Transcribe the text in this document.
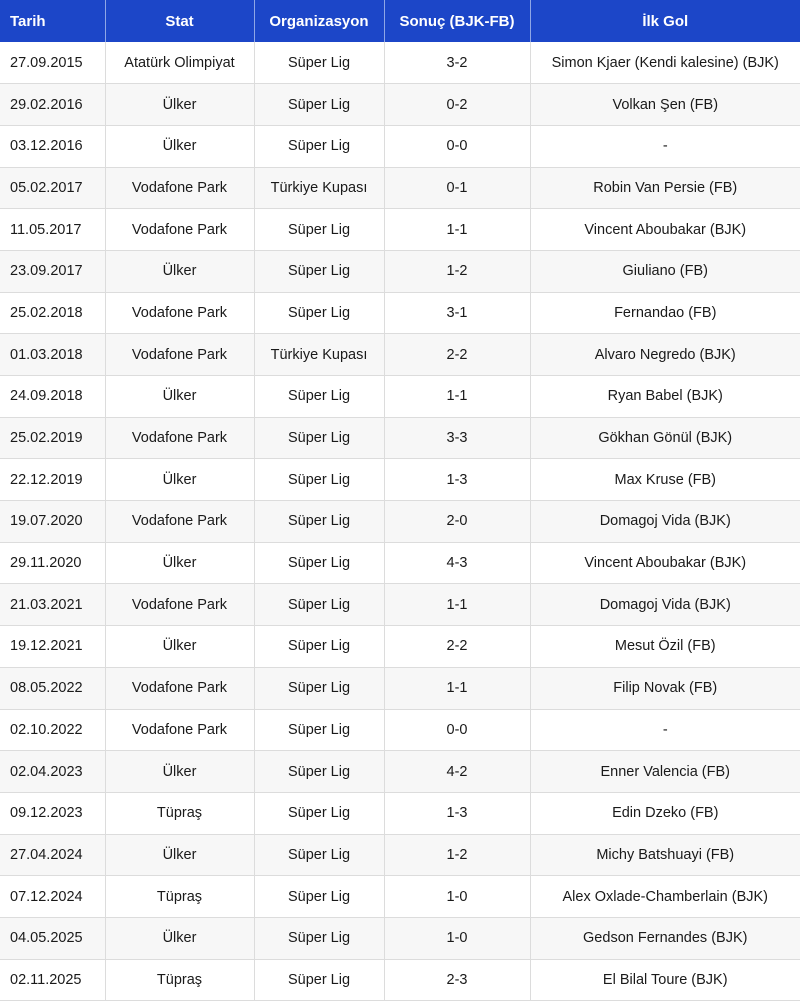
Tarih	Stat	Organizasyon	Sonuç (BJK-FB)	İlk Gol
27.09.2015	Atatürk Olimpiyat	Süper Lig	3-2	Simon Kjaer (Kendi kalesine) (BJK)
29.02.2016	Ülker	Süper Lig	0-2	Volkan Şen (FB)
03.12.2016	Ülker	Süper Lig	0-0	-
05.02.2017	Vodafone Park	Türkiye Kupası	0-1	Robin Van Persie (FB)
11.05.2017	Vodafone Park	Süper Lig	1-1	Vincent Aboubakar (BJK)
23.09.2017	Ülker	Süper Lig	1-2	Giuliano (FB)
25.02.2018	Vodafone Park	Süper Lig	3-1	Fernandao (FB)
01.03.2018	Vodafone Park	Türkiye Kupası	2-2	Alvaro Negredo (BJK)
24.09.2018	Ülker	Süper Lig	1-1	Ryan Babel (BJK)
25.02.2019	Vodafone Park	Süper Lig	3-3	Gökhan Gönül (BJK)
22.12.2019	Ülker	Süper Lig	1-3	Max Kruse (FB)
19.07.2020	Vodafone Park	Süper Lig	2-0	Domagoj Vida (BJK)
29.11.2020	Ülker	Süper Lig	4-3	Vincent Aboubakar (BJK)
21.03.2021	Vodafone Park	Süper Lig	1-1	Domagoj Vida (BJK)
19.12.2021	Ülker	Süper Lig	2-2	Mesut Özil (FB)
08.05.2022	Vodafone Park	Süper Lig	1-1	Filip Novak (FB)
02.10.2022	Vodafone Park	Süper Lig	0-0	-
02.04.2023	Ülker	Süper Lig	4-2	Enner Valencia (FB)
09.12.2023	Tüpraş	Süper Lig	1-3	Edin Dzeko (FB)
27.04.2024	Ülker	Süper Lig	1-2	Michy Batshuayi (FB)
07.12.2024	Tüpraş	Süper Lig	1-0	Alex Oxlade-Chamberlain (BJK)
04.05.2025	Ülker	Süper Lig	1-0	Gedson Fernandes (BJK)
02.11.2025	Tüpraş	Süper Lig	2-3	El Bilal Toure (BJK)
